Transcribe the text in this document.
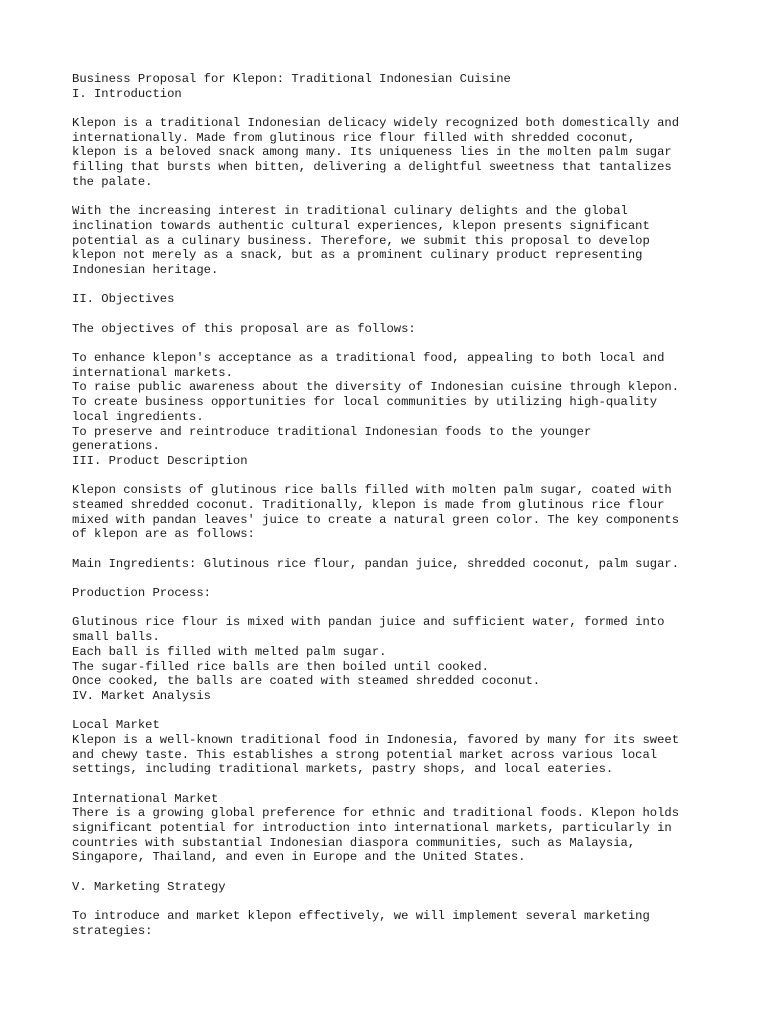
Business Proposal for Klepon: Traditional Indonesian Cuisine
I. Introduction
Klepon is a traditional Indonesian delicacy widely recognized both domestically and
internationally. Made from glutinous rice flour filled with shredded coconut,
klepon is a beloved snack among many. Its uniqueness lies in the molten palm sugar
filling that bursts when bitten, delivering a delightful sweetness that tantalizes
the palate.
With the increasing interest in traditional culinary delights and the global
inclination towards authentic cultural experiences, klepon presents significant
potential as a culinary business. Therefore, we submit this proposal to develop
klepon not merely as a snack, but as a prominent culinary product representing
Indonesian heritage.
II. Objectives
The objectives of this proposal are as follows:
To enhance klepon's acceptance as a traditional food, appealing to both local and
international markets.
To raise public awareness about the diversity of Indonesian cuisine through klepon.
To create business opportunities for local communities by utilizing high-quality
local ingredients.
To preserve and reintroduce traditional Indonesian foods to the younger
generations.
III. Product Description
Klepon consists of glutinous rice balls filled with molten palm sugar, coated with
steamed shredded coconut. Traditionally, klepon is made from glutinous rice flour
mixed with pandan leaves' juice to create a natural green color. The key components
of klepon are as follows:
Main Ingredients: Glutinous rice flour, pandan juice, shredded coconut, palm sugar.
Production Process:
Glutinous rice flour is mixed with pandan juice and sufficient water, formed into
small balls.
Each ball is filled with melted palm sugar.
The sugar-filled rice balls are then boiled until cooked.
Once cooked, the balls are coated with steamed shredded coconut.
IV. Market Analysis
Local Market
Klepon is a well-known traditional food in Indonesia, favored by many for its sweet
and chewy taste. This establishes a strong potential market across various local
settings, including traditional markets, pastry shops, and local eateries.
International Market
There is a growing global preference for ethnic and traditional foods. Klepon holds
significant potential for introduction into international markets, particularly in
countries with substantial Indonesian diaspora communities, such as Malaysia,
Singapore, Thailand, and even in Europe and the United States.
V. Marketing Strategy
To introduce and market klepon effectively, we will implement several marketing
strategies:
